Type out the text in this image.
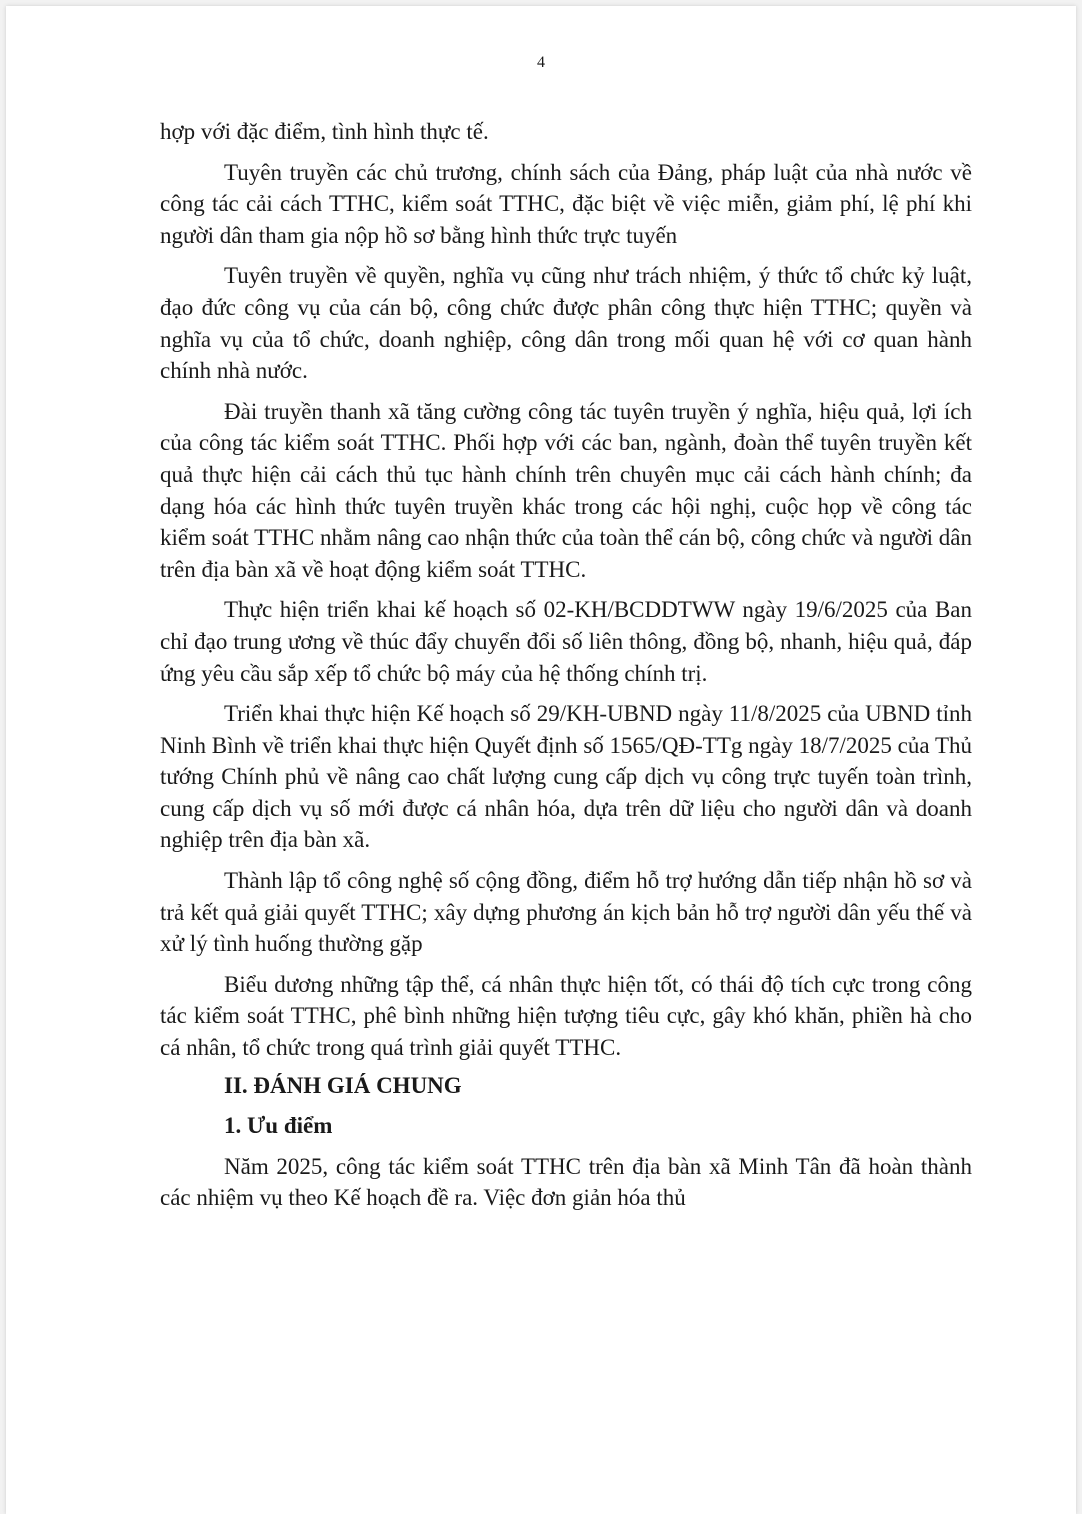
4

hợp với đặc điểm, tình hình thực tế.

Tuyên truyền các chủ trương, chính sách của Đảng, pháp luật của nhà nước về công tác cải cách TTHC, kiểm soát TTHC, đặc biệt về việc miễn, giảm phí, lệ phí khi người dân tham gia nộp hồ sơ bằng hình thức trực tuyến

Tuyên truyền về quyền, nghĩa vụ cũng như trách nhiệm, ý thức tổ chức kỷ luật, đạo đức công vụ của cán bộ, công chức được phân công thực hiện TTHC; quyền và nghĩa vụ của tổ chức, doanh nghiệp, công dân trong mối quan hệ với cơ quan hành chính nhà nước.

Đài truyền thanh xã tăng cường công tác tuyên truyền ý nghĩa, hiệu quả, lợi ích của công tác kiểm soát TTHC. Phối hợp với các ban, ngành, đoàn thể tuyên truyền kết quả thực hiện cải cách thủ tục hành chính trên chuyên mục cải cách hành chính; đa dạng hóa các hình thức tuyên truyền khác trong các hội nghị, cuộc họp về công tác kiểm soát TTHC nhằm nâng cao nhận thức của toàn thể cán bộ, công chức và người dân trên địa bàn xã về hoạt động kiểm soát TTHC.

Thực hiện triển khai kế hoạch số 02-KH/BCDDTWW ngày 19/6/2025 của Ban chỉ đạo trung ương về thúc đẩy chuyển đổi số liên thông, đồng bộ, nhanh, hiệu quả, đáp ứng yêu cầu sắp xếp tổ chức bộ máy của hệ thống chính trị.

Triển khai thực hiện Kế hoạch số 29/KH-UBND ngày 11/8/2025 của UBND tỉnh Ninh Bình về triển khai thực hiện Quyết định số 1565/QĐ-TTg ngày 18/7/2025 của Thủ tướng Chính phủ về nâng cao chất lượng cung cấp dịch vụ công trực tuyến toàn trình, cung cấp dịch vụ số mới được cá nhân hóa, dựa trên dữ liệu cho người dân và doanh nghiệp trên địa bàn xã.

Thành lập tổ công nghệ số cộng đồng, điểm hỗ trợ hướng dẫn tiếp nhận hồ sơ và trả kết quả giải quyết TTHC; xây dựng phương án kịch bản hỗ trợ người dân yếu thế và xử lý tình huống thường gặp

Biểu dương những tập thể, cá nhân thực hiện tốt, có thái độ tích cực trong công tác kiểm soát TTHC, phê bình những hiện tượng tiêu cực, gây khó khăn, phiền hà cho cá nhân, tổ chức trong quá trình giải quyết TTHC.

II. ĐÁNH GIÁ CHUNG
1. Ưu điểm

Năm 2025, công tác kiểm soát TTHC trên địa bàn xã Minh Tân đã hoàn thành các nhiệm vụ theo Kế hoạch đề ra. Việc đơn giản hóa thủ
